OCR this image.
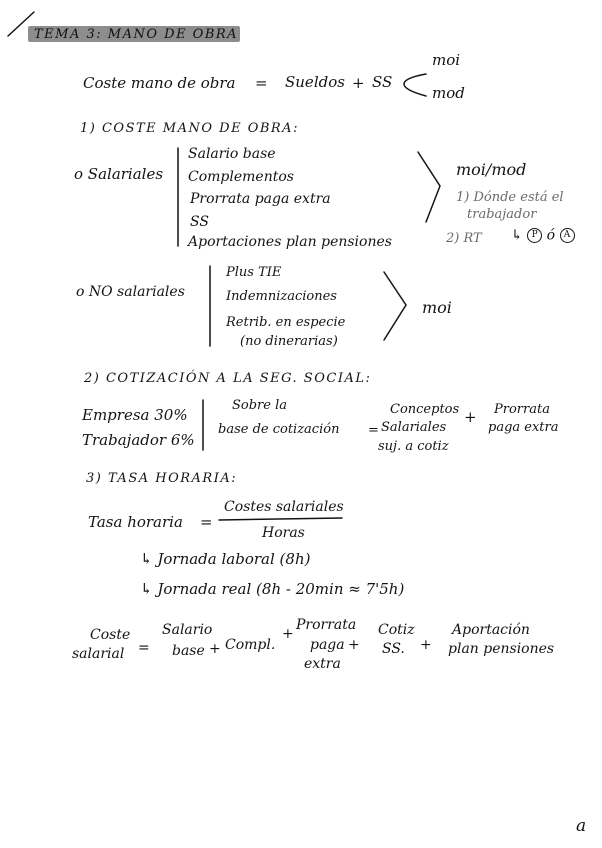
TEMA 3: MANO DE OBRA
Coste mano de obra = Sueldos + SS
moi
mod
1) COSTE MANO DE OBRA:
o Salariales
Salario base
Complementos
Prorrata paga extra
SS
Aportaciones plan pensiones
moi/mod
1) Dónde está el
trabajador
2) RT ↳ P ó A
o NO salariales
Plus TIE
Indemnizaciones
Retrib. en especie
(no dinerarias)
moi
2) COTIZACIÓN A LA SEG. SOCIAL:
Empresa 30%
Trabajador 6%
Sobre la
base de cotización =
Conceptos
Salariales
suj. a cotiz
+ Prorrata
paga extra
3) TASA HORARIA:
Tasa horaria =
Costes salariales
Horas
↳ Jornada laboral (8h)
↳ Jornada real (8h - 20min ≈ 7'5h)
Coste
salarial =
Salario
base + Compl.
+
Prorrata
paga +
extra
Cotiz
SS. +
Aportación
plan pensiones
a
